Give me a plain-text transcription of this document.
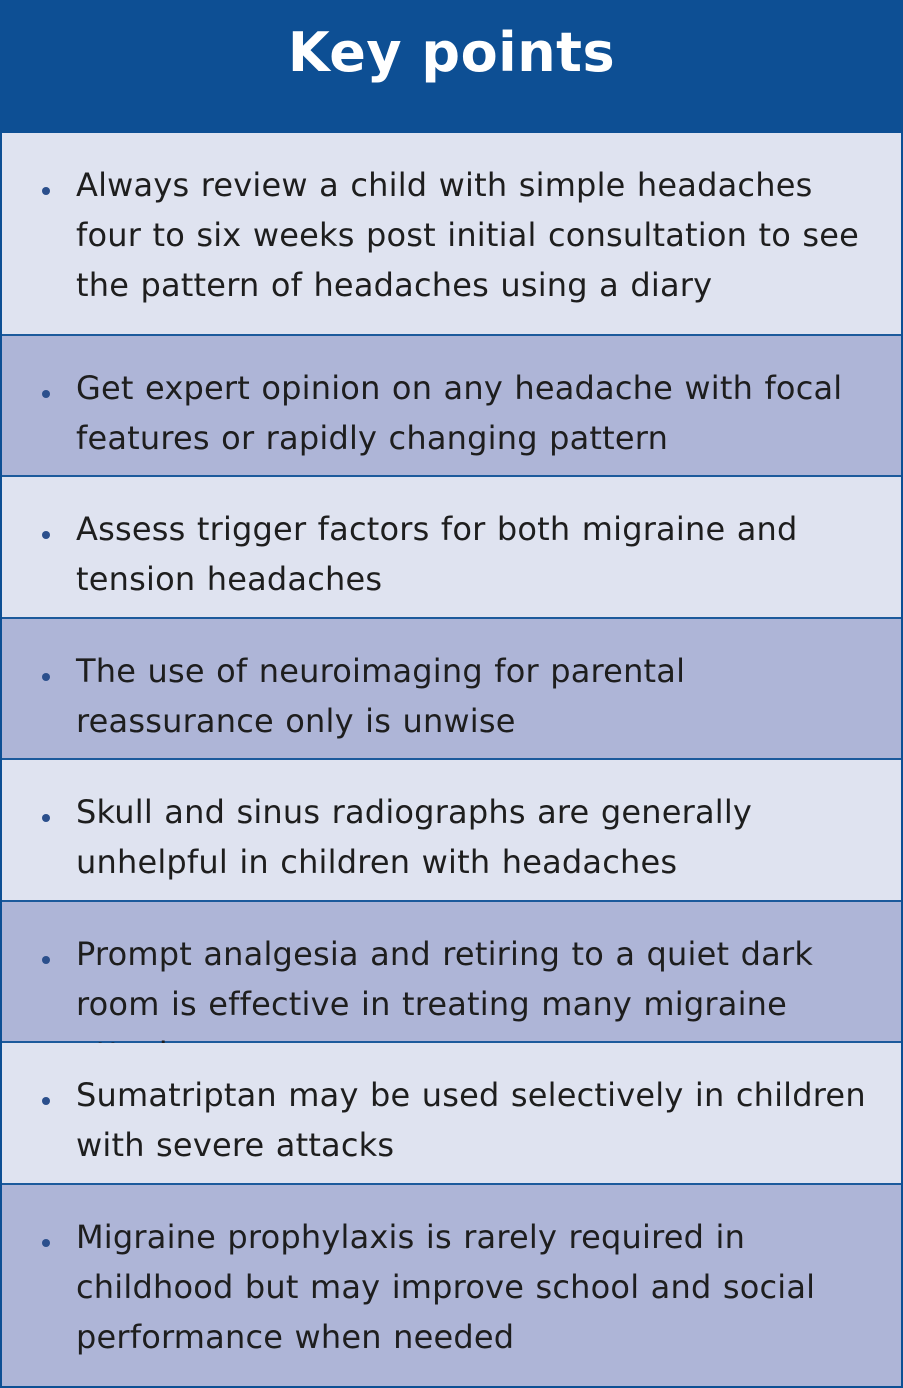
Key points
Always review a child with simple headaches four to six weeks post initial consultation to see the pattern of headaches using a diary
Get expert opinion on any headache with focal features or rapidly changing pattern
Assess trigger factors for both migraine and tension headaches
The use of neuroimaging for parental reassurance only is unwise
Skull and sinus radiographs are generally unhelpful in children with headaches
Prompt analgesia and retiring to a quiet dark room is effective in treating many migraine
Sumatriptan may be used selectively in children with severe attacks
Migraine prophylaxis is rarely required in childhood but may improve school and social performance when needed
